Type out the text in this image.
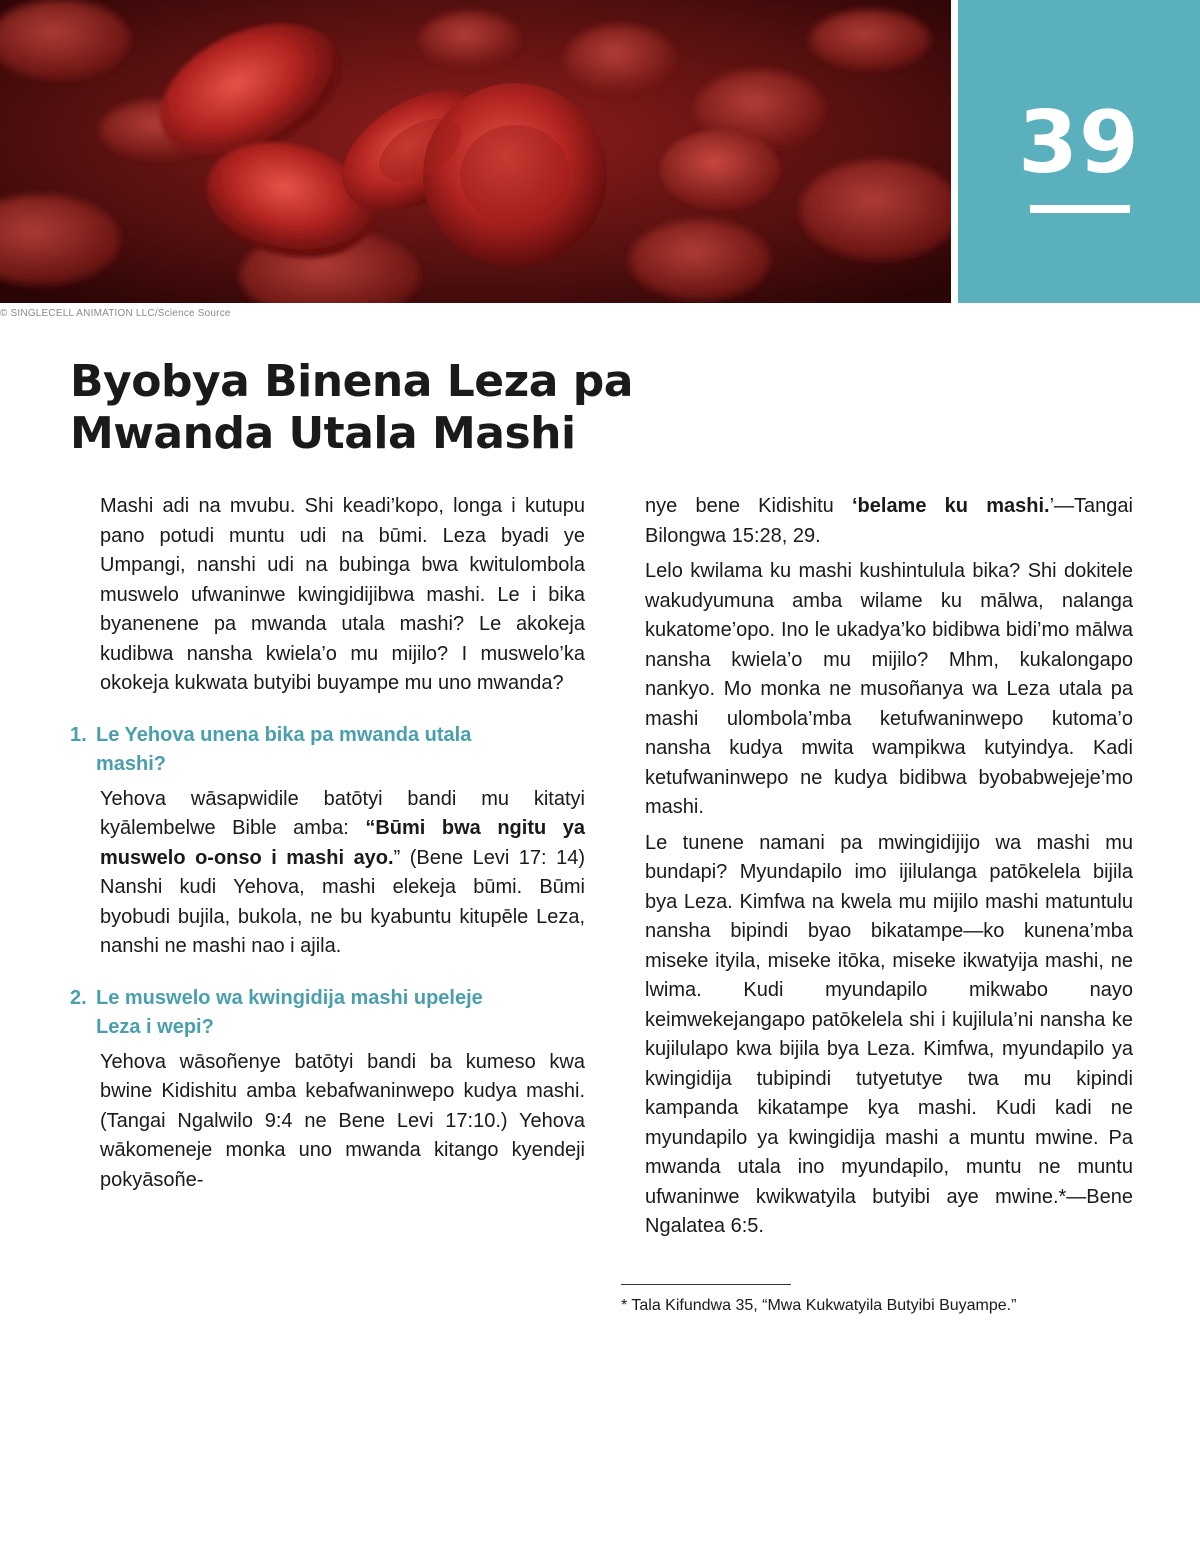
39
© SINGLECELL ANIMATION LLC/Science Source
Byobya Binena Leza pa
Mwanda Utala Mashi

Mashi adi na mvubu. Shi keadi’kopo, longa i kutupu pano potudi muntu udi na būmi. Leza byadi ye Umpangi, nanshi udi na bubinga bwa kwitulombola muswelo ufwaninwe kwingidijibwa mashi. Le i bika byanenene pa mwanda utala mashi? Le akokeja kudibwa nansha kwiela’o mu mijilo? I muswelo’ka okokeja kukwata butyibi buyampe mu uno mwanda?

1. Le Yehova unena bika pa mwanda utala mashi?

Yehova wāsapwidile batōtyi bandi mu kitatyi kyālembelwe Bible amba: “Būmi bwa ngitu ya muswelo o-onso i mashi ayo.” (Bene Levi 17: 14) Nanshi kudi Yehova, mashi elekeja būmi. Būmi byobudi bujila, bukola, ne bu kyabuntu kitupēle Leza, nanshi ne mashi nao i ajila.

2. Le muswelo wa kwingidija mashi upeleje Leza i wepi?

Yehova wāsoñenye batōtyi bandi ba kumeso kwa bwine Kidishitu amba kebafwaninwepo kudya mashi. (Tangai Ngalwilo 9:4 ne Bene Levi 17:10.) Yehova wākomeneje monka uno mwanda kitango kyendeji pokyāsoñe-

nye bene Kidishitu ‘belame ku mashi.’—Tangai Bilongwa 15:28, 29.

Lelo kwilama ku mashi kushintulula bika? Shi dokitele wakudyumuna amba wilame ku mālwa, nalanga kukatome’opo. Ino le ukadya’ko bidibwa bidi’mo mālwa nansha kwiela’o mu mijilo? Mhm, kukalongapo nankyo. Mo monka ne musoñanya wa Leza utala pa mashi ulombola’mba ketufwaninwepo kutoma’o nansha kudya mwita wampikwa kutyindya. Kadi ketufwaninwepo ne kudya bidibwa byobabwejeje’mo mashi.

Le tunene namani pa mwingidijijo wa mashi mu bundapi? Myundapilo imo ijilulanga patōkelela bijila bya Leza. Kimfwa na kwela mu mijilo mashi matuntulu nansha bipindi byao bikatampe—ko kunena’mba miseke ityila, miseke itōka, miseke ikwatyija mashi, ne lwima. Kudi myundapilo mikwabo nayo keimwekejangapo patōkelela shi i kujilula’ni nansha ke kujilulapo kwa bijila bya Leza. Kimfwa, myundapilo ya kwingidija tubipindi tutyetutye twa mu kipindi kampanda kikatampe kya mashi. Kudi kadi ne myundapilo ya kwingidija mashi a muntu mwine. Pa mwanda utala ino myundapilo, muntu ne muntu ufwaninwe kwikwatyila butyibi aye mwine.*—Bene Ngalatea 6:5.

* Tala Kifundwa 35, “Mwa Kukwatyila Butyibi Buyampe.”
